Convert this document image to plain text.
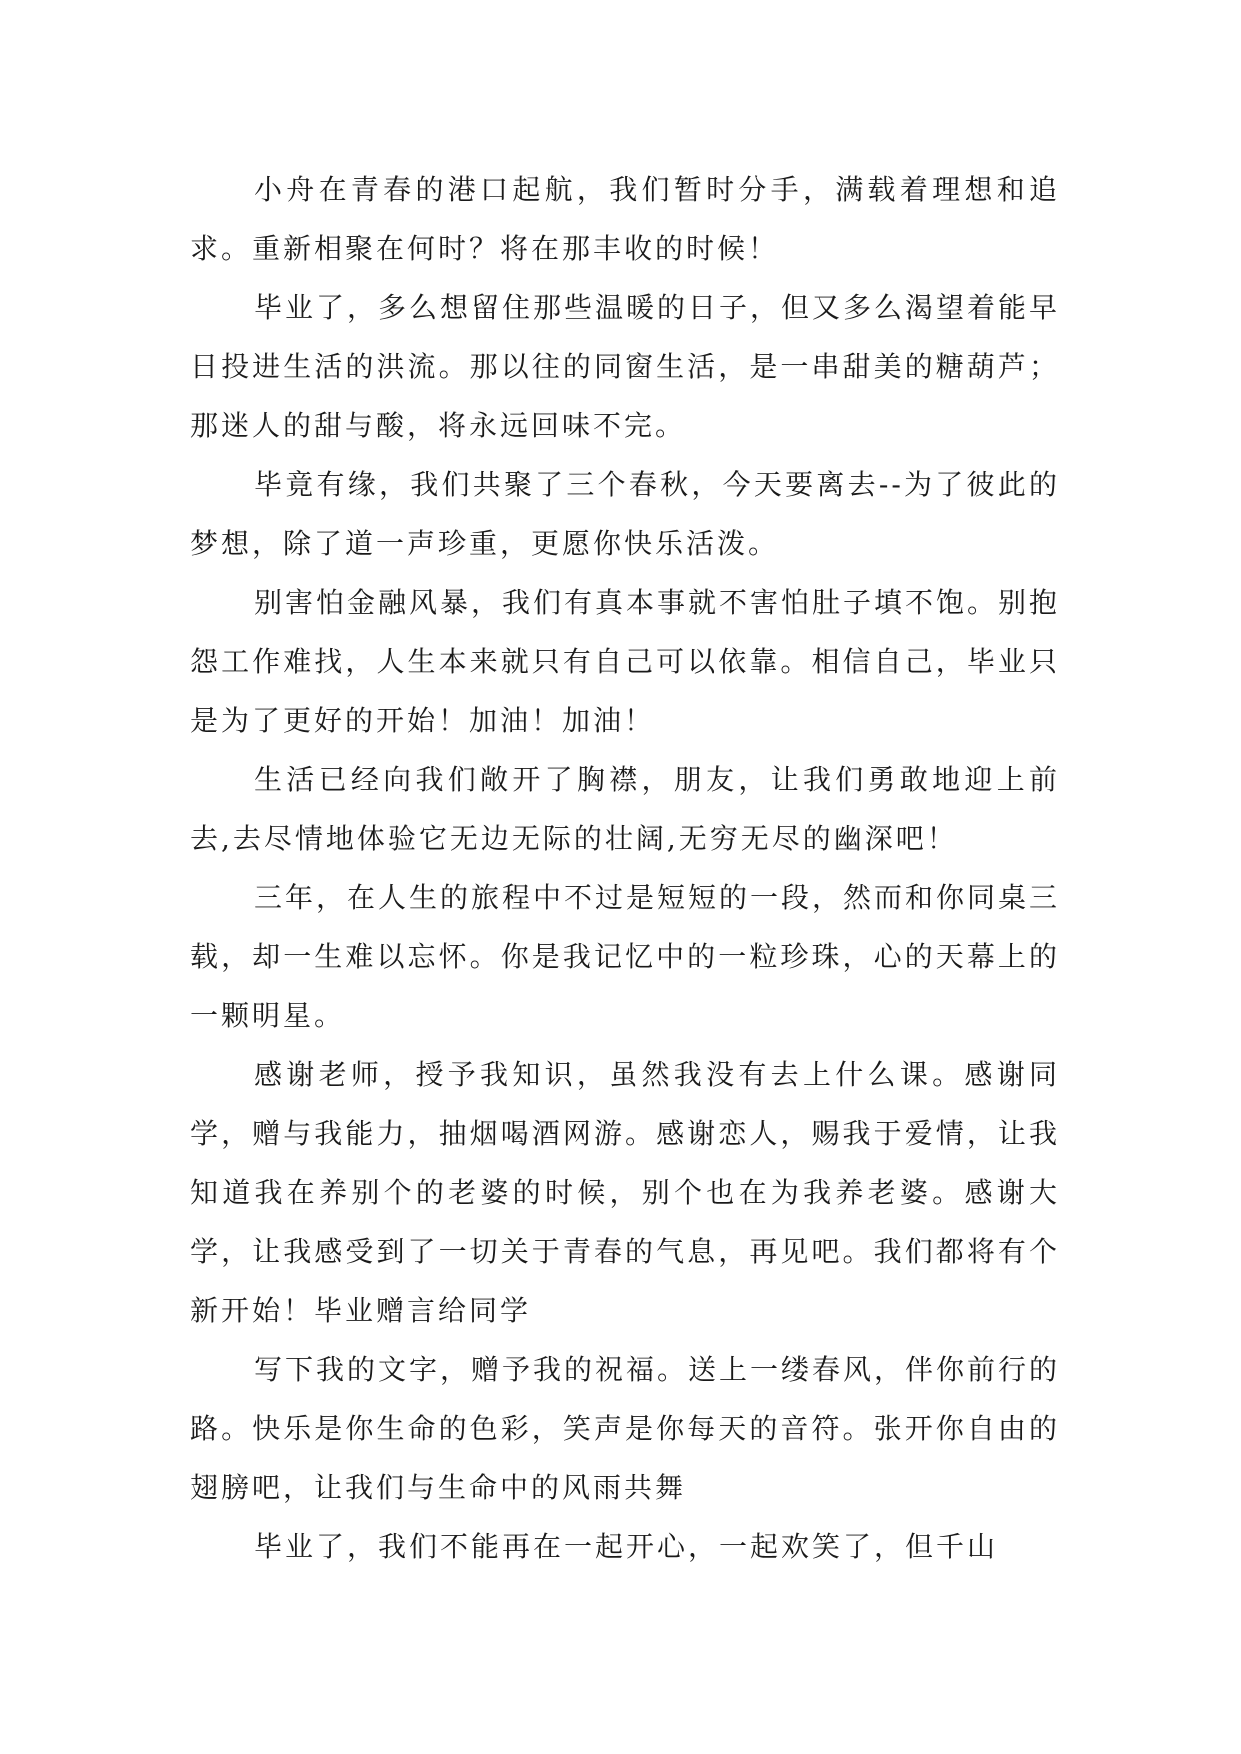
小舟在青春的港口起航，我们暂时分手，满载着理想和追求。重新相聚在何时？将在那丰收的时候！

毕业了，多么想留住那些温暖的日子，但又多么渴望着能早日投进生活的洪流。那以往的同窗生活，是一串甜美的糖葫芦；那迷人的甜与酸，将永远回味不完。

毕竟有缘，我们共聚了三个春秋，今天要离去--为了彼此的梦想，除了道一声珍重，更愿你快乐活泼。

别害怕金融风暴，我们有真本事就不害怕肚子填不饱。别抱怨工作难找，人生本来就只有自己可以依靠。相信自己，毕业只是为了更好的开始！加油！加油！

生活已经向我们敞开了胸襟，朋友，让我们勇敢地迎上前去,去尽情地体验它无边无际的壮阔,无穷无尽的幽深吧！

三年，在人生的旅程中不过是短短的一段，然而和你同桌三载，却一生难以忘怀。你是我记忆中的一粒珍珠，心的天幕上的一颗明星。

感谢老师，授予我知识，虽然我没有去上什么课。感谢同学，赠与我能力，抽烟喝酒网游。感谢恋人，赐我于爱情，让我知道我在养别个的老婆的时候，别个也在为我养老婆。感谢大学，让我感受到了一切关于青春的气息，再见吧。我们都将有个新开始！毕业赠言给同学

写下我的文字，赠予我的祝福。送上一缕春风，伴你前行的路。快乐是你生命的色彩，笑声是你每天的音符。张开你自由的翅膀吧，让我们与生命中的风雨共舞

毕业了，我们不能再在一起开心，一起欢笑了，但千山
